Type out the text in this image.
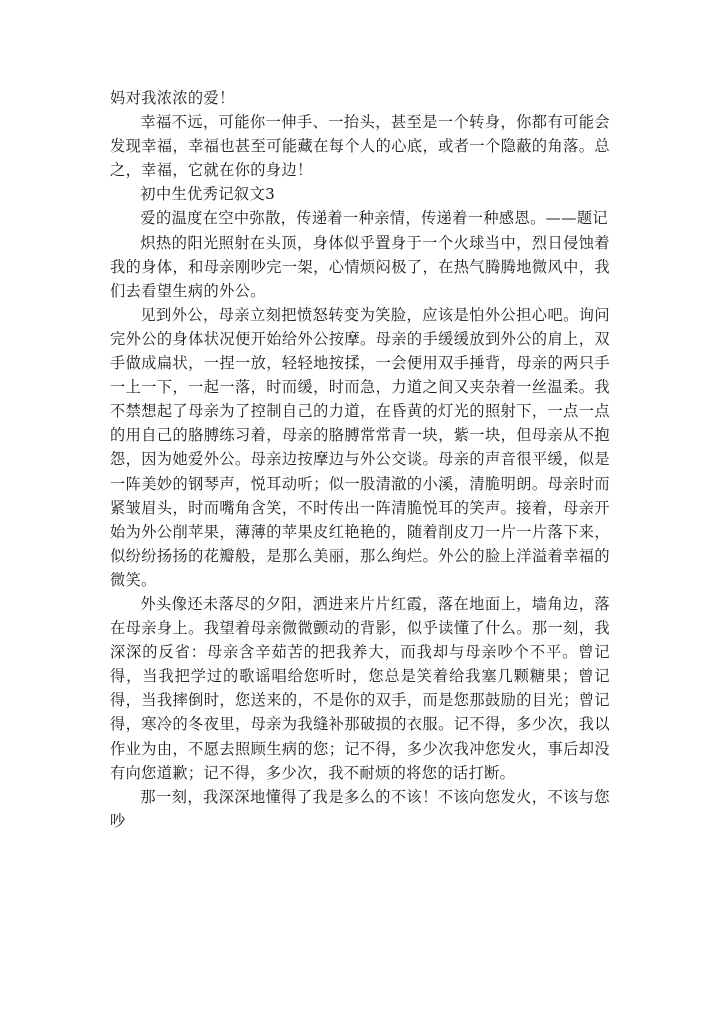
妈对我浓浓的爱！

幸福不远，可能你一伸手、一抬头，甚至是一个转身，你都有可能会发现幸福，幸福也甚至可能藏在每个人的心底，或者一个隐蔽的角落。总之，幸福，它就在你的身边！

初中生优秀记叙文3

爱的温度在空中弥散，传递着一种亲情，传递着一种感恩。——题记

炽热的阳光照射在头顶，身体似乎置身于一个火球当中，烈日侵蚀着我的身体，和母亲刚吵完一架，心情烦闷极了，在热气腾腾地微风中，我们去看望生病的外公。

见到外公，母亲立刻把愤怒转变为笑脸，应该是怕外公担心吧。询问完外公的身体状况便开始给外公按摩。母亲的手缓缓放到外公的肩上，双手做成扁状，一捏一放，轻轻地按揉，一会便用双手捶背，母亲的两只手一上一下，一起一落，时而缓，时而急，力道之间又夹杂着一丝温柔。我不禁想起了母亲为了控制自己的力道，在昏黄的灯光的照射下，一点一点的用自己的胳膊练习着，母亲的胳膊常常青一块，紫一块，但母亲从不抱怨，因为她爱外公。母亲边按摩边与外公交谈。母亲的声音很平缓，似是一阵美妙的钢琴声，悦耳动听；似一股清澈的小溪，清脆明朗。母亲时而紧皱眉头，时而嘴角含笑，不时传出一阵清脆悦耳的笑声。接着，母亲开始为外公削苹果，薄薄的苹果皮红艳艳的，随着削皮刀一片一片落下来，似纷纷扬扬的花瓣般，是那么美丽，那么绚烂。外公的脸上洋溢着幸福的微笑。

外头像还未落尽的夕阳，洒进来片片红霞，落在地面上，墙角边，落在母亲身上。我望着母亲微微颤动的背影，似乎读懂了什么。那一刻，我深深的反省：母亲含辛茹苦的把我养大，而我却与母亲吵个不平。曾记得，当我把学过的歌谣唱给您听时，您总是笑着给我塞几颗糖果；曾记得，当我摔倒时，您送来的，不是你的双手，而是您那鼓励的目光；曾记得，寒冷的冬夜里，母亲为我缝补那破损的衣服。记不得，多少次，我以作业为由，不愿去照顾生病的您；记不得，多少次我冲您发火，事后却没有向您道歉；记不得，多少次，我不耐烦的将您的话打断。

那一刻，我深深地懂得了我是多么的不该！不该向您发火，不该与您吵
